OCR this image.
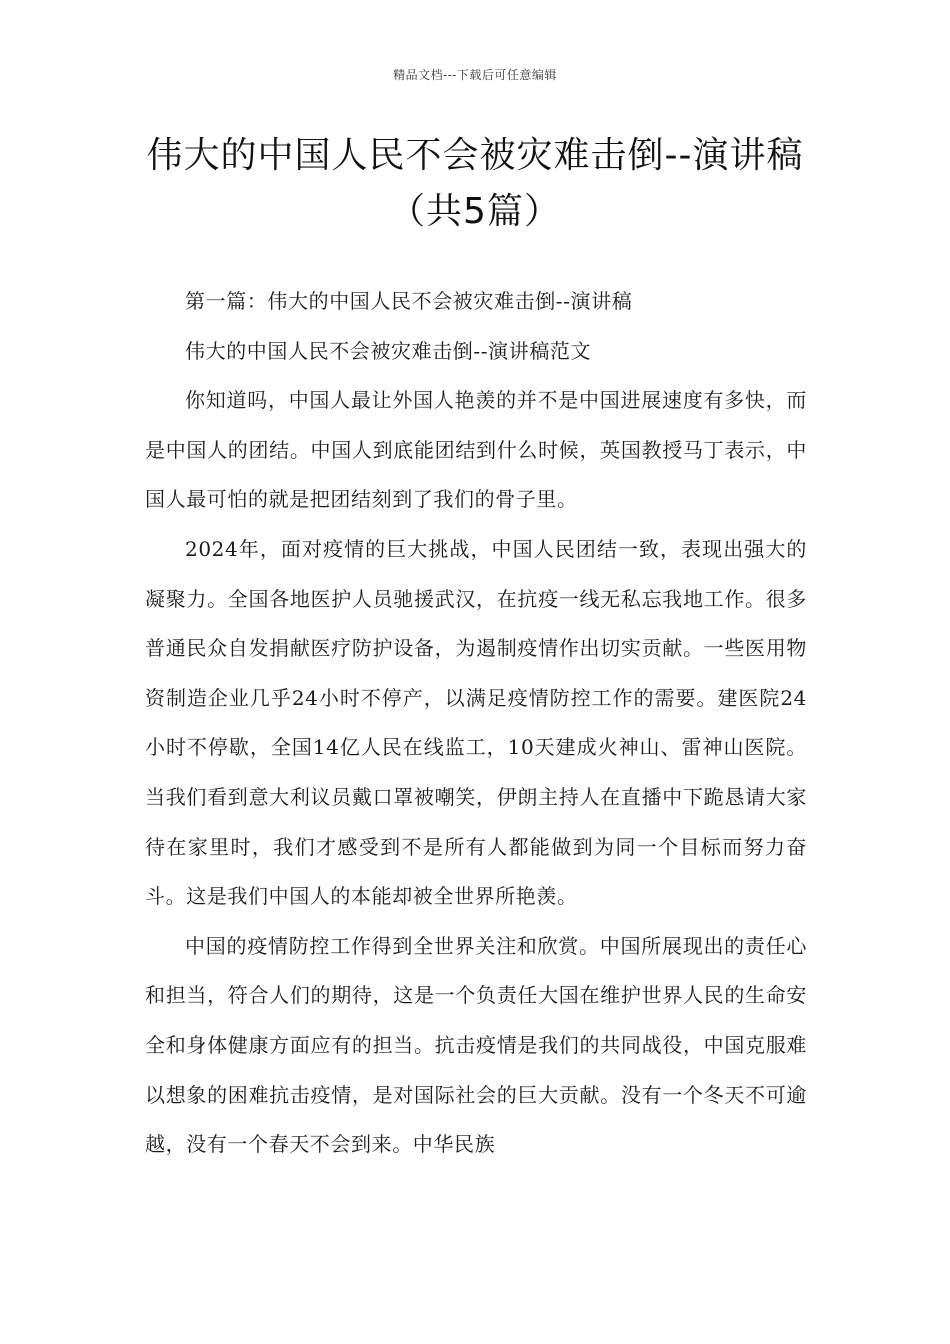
精品文档---下载后可任意编辑
伟大的中国人民不会被灾难击倒--演讲稿（共5篇）

第一篇：伟大的中国人民不会被灾难击倒--演讲稿

伟大的中国人民不会被灾难击倒--演讲稿范文

你知道吗，中国人最让外国人艳羡的并不是中国进展速度有多快，而是中国人的团结。中国人到底能团结到什么时候，英国教授马丁表示，中国人最可怕的就是把团结刻到了我们的骨子里。

2024年，面对疫情的巨大挑战，中国人民团结一致，表现出强大的凝聚力。全国各地医护人员驰援武汉，在抗疫一线无私忘我地工作。很多普通民众自发捐献医疗防护设备，为遏制疫情作出切实贡献。一些医用物资制造企业几乎24小时不停产，以满足疫情防控工作的需要。建医院24小时不停歇，全国14亿人民在线监工，10天建成火神山、雷神山医院。当我们看到意大利议员戴口罩被嘲笑，伊朗主持人在直播中下跪恳请大家待在家里时，我们才感受到不是所有人都能做到为同一个目标而努力奋斗。这是我们中国人的本能却被全世界所艳羡。

中国的疫情防控工作得到全世界关注和欣赏。中国所展现出的责任心和担当，符合人们的期待，这是一个负责任大国在维护世界人民的生命安全和身体健康方面应有的担当。抗击疫情是我们的共同战役，中国克服难以想象的困难抗击疫情，是对国际社会的巨大贡献。没有一个冬天不可逾越，没有一个春天不会到来。中华民族
